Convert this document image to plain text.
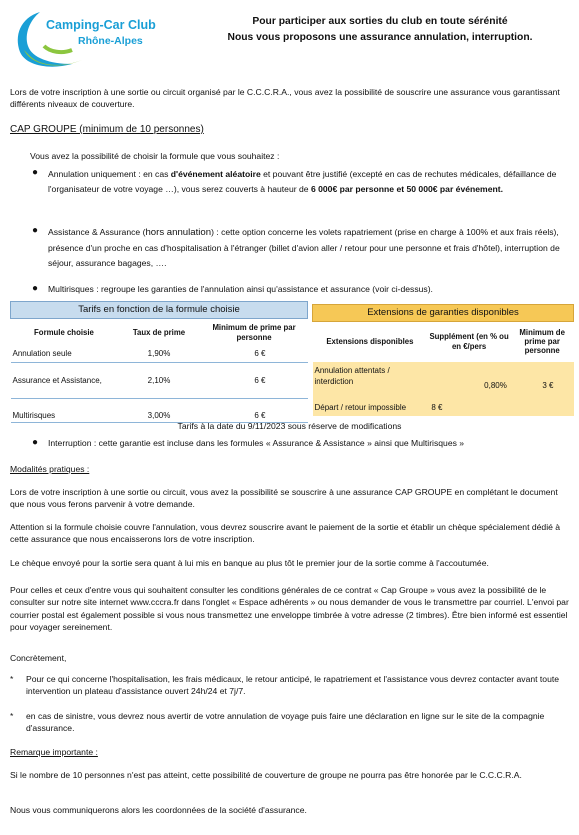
Camping-Car Club
Rhône-Alpes
Pour participer aux sorties du club en toute sérénité
Nous vous proposons une assurance annulation, interruption.

Lors de votre inscription à une sortie ou circuit organisé par le C.C.C.R.A., vous avez la possibilité de souscrire une assurance vous garantissant différents niveaux de couverture.

CAP GROUPE (minimum de 10 personnes)

Vous avez la possibilité de choisir la formule que vous souhaitez :

● Annulation uniquement : en cas d'événement aléatoire et pouvant être justifié (excepté en cas de rechutes médicales, défaillance de l'organisateur de votre voyage …), vous serez couverts à hauteur de 6 000€ par personne et 50 000€ par événement.
● Assistance & Assurance (hors annulation) : cette option concerne les volets rapatriement (prise en charge à 100% et aux frais réels), présence d'un proche en cas d'hospitalisation à l'étranger (billet d'avion aller / retour pour une personne et frais d'hôtel), interruption de séjour, assurance bagages, ….
● Multirisques : regroupe les garanties de l'annulation ainsi qu'assistance et assurance (voir ci-dessus).
Tarifs en fonction de la formule choisie		
Formule choisie	Taux de prime	Minimum de prime par personne
Annulation seule	1,90%	6 €
Assurance et Assistance,	2,10%	6 €
Multirisques	3,00%	6 €
Extensions de garanties disponibles		
Extensions disponibles	Supplément (en % ou en €/pers	Minimum de prime par personne
Annulation attentats / interdiction	0,80%	3 €

Départ / retour impossible	8 €	

Tarifs à la date du 9/11/2023 sous réserve de modifications

● Interruption : cette garantie est incluse dans les formules « Assurance & Assistance » ainsi que Multirisques »
Modalités pratiques :

Lors de votre inscription à une sortie ou circuit, vous avez la possibilité se souscrire à une assurance CAP GROUPE en complétant le document que nous vous ferons parvenir à votre demande.

Attention si la formule choisie couvre l'annulation, vous devrez souscrire avant le paiement de la sortie et établir un chèque spécialement dédié à cette assurance que nous encaisserons lors de votre inscription.

Le chèque envoyé pour la sortie sera quant à lui mis en banque au plus tôt le premier jour de la sortie comme à l'accoutumée.

Pour celles et ceux d'entre vous qui souhaitent consulter les conditions générales de ce contrat « Cap Groupe » vous avez la possibilité de le consulter sur notre site internet www.cccra.fr dans l'onglet « Espace adhérents » ou nous demander de vous le transmettre par courriel. L'envoi par courrier postal est également possible si vous nous transmettez une enveloppe timbrée à votre adresse (2 timbres). Être bien informé est essentiel pour voyager sereinement.

Concrètement,
* Pour ce qui concerne l'hospitalisation, les frais médicaux, le retour anticipé, le rapatriement et l'assistance vous devrez contacter avant toute intervention un plateau d'assistance ouvert 24h/24 et 7j/7.
* en cas de sinistre, vous devrez nous avertir de votre annulation de voyage puis faire une déclaration en ligne sur le site de la compagnie d'assurance.
Remarque importante :

Si le nombre de 10 personnes n'est pas atteint, cette possibilité de couverture de groupe ne pourra pas être honorée par le C.C.C.R.A.

Nous vous communiquerons alors les coordonnées de la société d'assurance.
